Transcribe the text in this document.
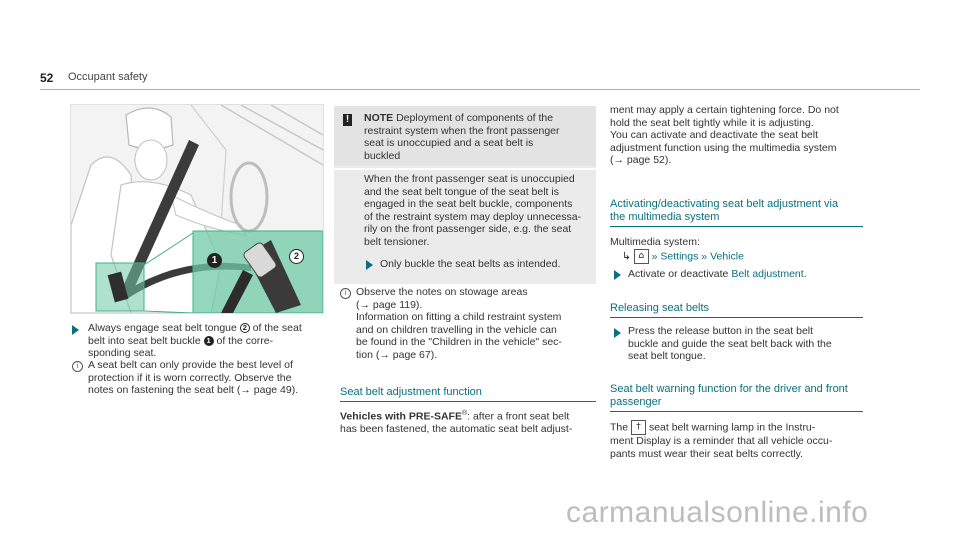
52 Occupant safety
1	2
Always engage seat belt tongue 2 of the seat
belt into seat belt buckle 1 of the corre-
sponding seat.
i A seat belt can only provide the best level of
protection if it is worn correctly. Observe the
notes on fastening the seat belt (→ page 49).
! NOTE Deployment of components of the
restraint system when the front passenger
seat is unoccupied and a seat belt is
buckled
When the front passenger seat is unoccupied
and the seat belt tongue of the seat belt is
engaged in the seat belt buckle, components
of the restraint system may deploy unnecessa-
rily on the front passenger side, e.g. the seat
belt tensioner.
Only buckle the seat belts as intended.
i Observe the notes on stowage areas
(→ page 119).
Information on fitting a child restraint system
and on children travelling in the vehicle can
be found in the "Children in the vehicle" sec-
tion (→ page 67).
Seat belt adjustment function
Vehicles with PRE-SAFE®: after a front seat belt
has been fastened, the automatic seat belt adjust-
ment may apply a certain tightening force. Do not
hold the seat belt tightly while it is adjusting.
You can activate and deactivate the seat belt
adjustment function using the multimedia system
(→ page 52).
Activating/deactivating seat belt adjustment via
the multimedia system
Multimedia system:
↳ ⌂ » Settings » Vehicle
Activate or deactivate Belt adjustment.
Releasing seat belts
Press the release button in the seat belt
buckle and guide the seat belt back with the
seat belt tongue.
Seat belt warning function for the driver and front
passenger
The † seat belt warning lamp in the Instru-
ment Display is a reminder that all vehicle occu-
pants must wear their seat belts correctly.
carmanualsonline.info
